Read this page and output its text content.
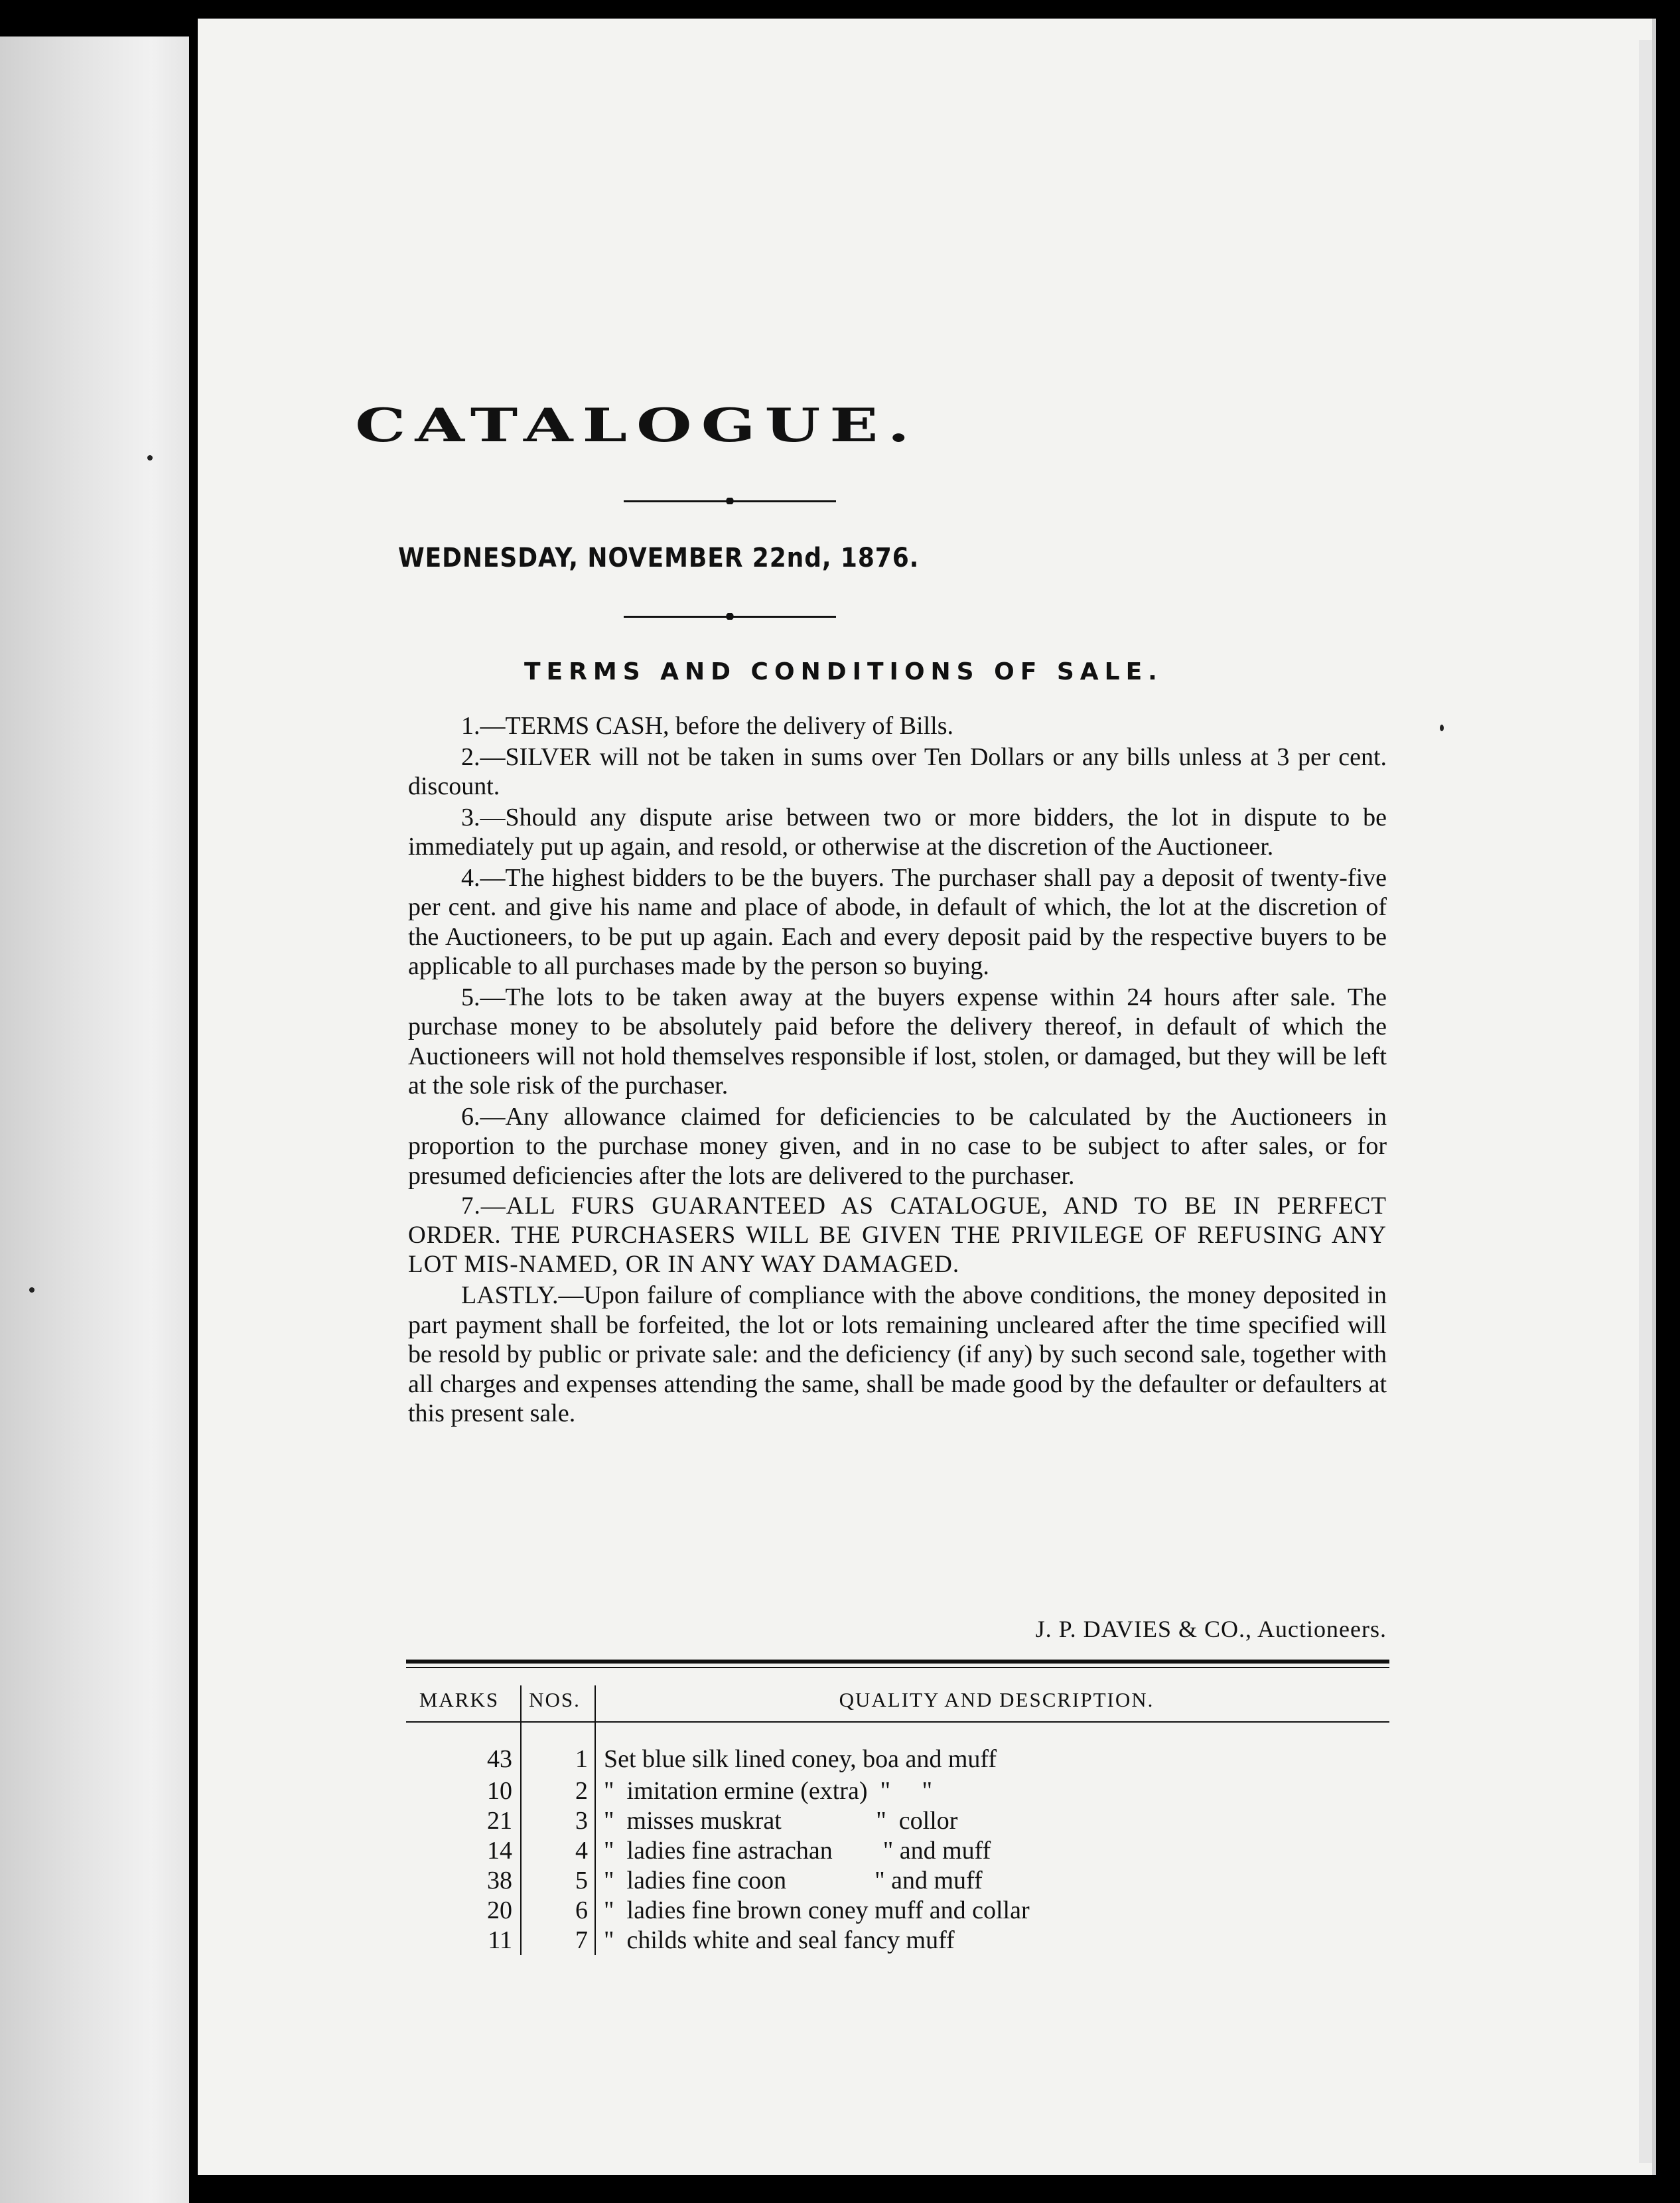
CATALOGUE.
WEDNESDAY, NOVEMBER 22nd, 1876.
TERMS AND CONDITIONS OF SALE.

1.—TERMS CASH, before the delivery of Bills.

2.—SILVER will not be taken in sums over Ten Dollars or any bills unless at 3 per cent. discount.

3.—Should any dispute arise between two or more bidders, the lot in dispute to be immediately put up again, and resold, or otherwise at the discretion of the Auctioneer.

4.—The highest bidders to be the buyers. The purchaser shall pay a deposit of twenty-five per cent. and give his name and place of abode, in default of which, the lot at the discretion of the Auctioneers, to be put up again. Each and every deposit paid by the respective buyers to be applicable to all purchases made by the person so buying.

5.—The lots to be taken away at the buyers expense within 24 hours after sale. The purchase money to be absolutely paid before the delivery thereof, in default of which the Auctioneers will not hold themselves responsible if lost, stolen, or damaged, but they will be left at the sole risk of the purchaser.

6.—Any allowance claimed for deficiencies to be calculated by the Auctioneers in proportion to the purchase money given, and in no case to be subject to after sales, or for presumed deficiencies after the lots are delivered to the purchaser.

7.—ALL FURS GUARANTEED AS CATALOGUE, AND TO BE IN PERFECT ORDER. THE PURCHASERS WILL BE GIVEN THE PRIVILEGE OF REFUSING ANY LOT MIS-NAMED, OR IN ANY WAY DAMAGED.

LASTLY.—Upon failure of compliance with the above conditions, the money deposited in part payment shall be forfeited, the lot or lots remaining uncleared after the time specified will be resold by public or private sale: and the deficiency (if any) by such second sale, together with all charges and expenses attending the same, shall be made good by the defaulter or defaulters at this present sale.

J. P. DAVIES & CO., Auctioneers.
MARKS	NOS.	QUALITY AND DESCRIPTION.
43	1	Set blue silk lined coney, boa and muff
10	2	"  imitation ermine (extra)  "     "
21	3	"  misses muskrat               "  collor
14	4	"  ladies fine astrachan        " and muff
38	5	"  ladies fine coon              " and muff
20	6	"  ladies fine brown coney muff and collar
11	7	"  childs white and seal fancy muff
